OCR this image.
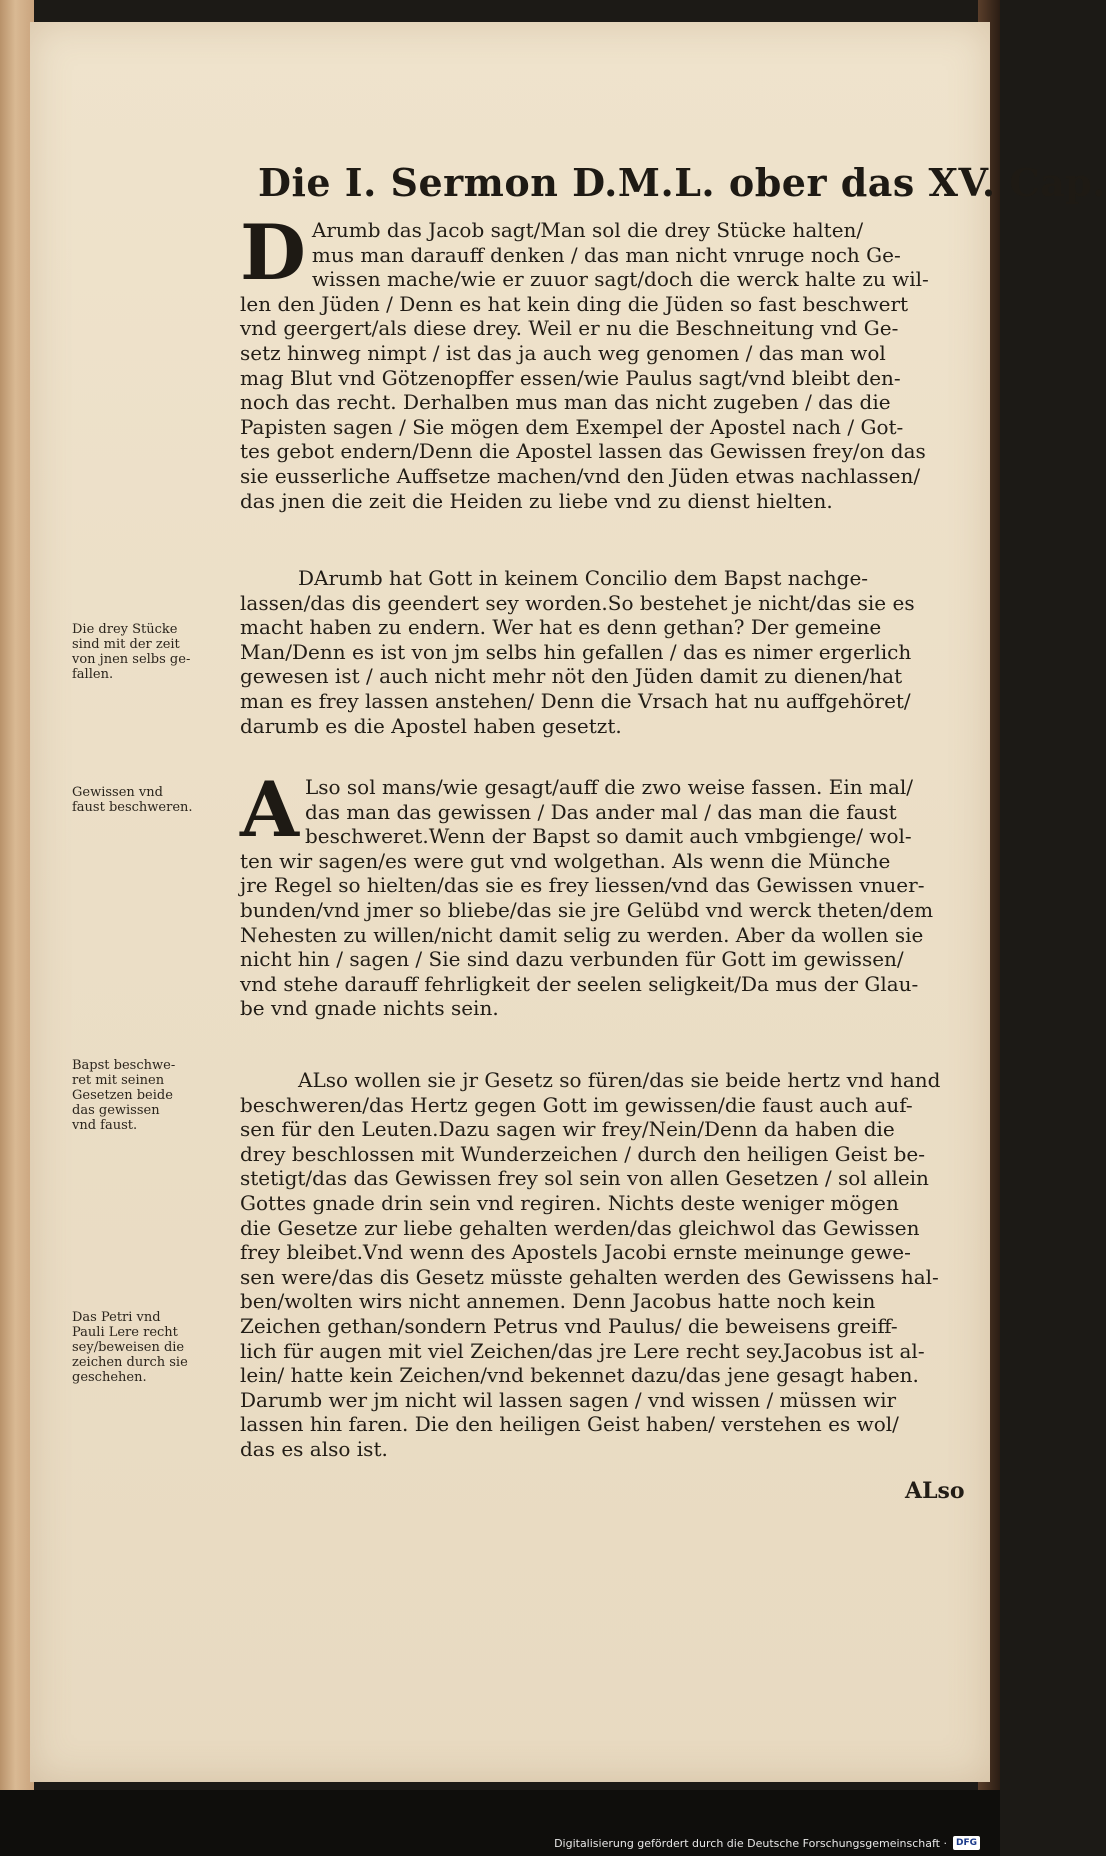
Die I. Sermon D.M.L. ober das XV. Cap.
D Arumb das Jacob sagt/Man sol die drey Stücke halten/
mus man darauff denken / das man nicht vnruge noch Ge-
wissen mache/wie er zuuor sagt/doch die werck halte zu wil-
len den Jüden / Denn es hat kein ding die Jüden so fast beschwert
vnd geergert/als diese drey. Weil er nu die Beschneitung vnd Ge-
setz hinweg nimpt / ist das ja auch weg genomen / das man wol
mag Blut vnd Götzenopffer essen/wie Paulus sagt/vnd bleibt den-
noch das recht. Derhalben mus man das nicht zugeben / das die
Papisten sagen / Sie mögen dem Exempel der Apostel nach / Got-
tes gebot endern/Denn die Apostel lassen das Gewissen frey/on das
sie eusserliche Auffsetze machen/vnd den Jüden etwas nachlassen/
das jnen die zeit die Heiden zu liebe vnd zu dienst hielten.
DArumb hat Gott in keinem Concilio dem Bapst nachge-
lassen/das dis geendert sey worden.So bestehet je nicht/das sie es
macht haben zu endern. Wer hat es denn gethan? Der gemeine
Man/Denn es ist von jm selbs hin gefallen / das es nimer ergerlich
gewesen ist / auch nicht mehr nöt den Jüden damit zu dienen/hat
man es frey lassen anstehen/ Denn die Vrsach hat nu auffgehöret/
darumb es die Apostel haben gesetzt.
A Lso sol mans/wie gesagt/auff die zwo weise fassen. Ein mal/
das man das gewissen / Das ander mal / das man die faust
beschweret.Wenn der Bapst so damit auch vmbgienge/ wol-
ten wir sagen/es were gut vnd wolgethan. Als wenn die Münche
jre Regel so hielten/das sie es frey liessen/vnd das Gewissen vnuer-
bunden/vnd jmer so bliebe/das sie jre Gelübd vnd werck theten/dem
Nehesten zu willen/nicht damit selig zu werden. Aber da wollen sie
nicht hin / sagen / Sie sind dazu verbunden für Gott im gewissen/
vnd stehe darauff fehrligkeit der seelen seligkeit/Da mus der Glau-
be vnd gnade nichts sein.
ALso wollen sie jr Gesetz so füren/das sie beide hertz vnd hand
beschweren/das Hertz gegen Gott im gewissen/die faust auch auf-
sen für den Leuten.Dazu sagen wir frey/Nein/Denn da haben die
drey beschlossen mit Wunderzeichen / durch den heiligen Geist be-
stetigt/das das Gewissen frey sol sein von allen Gesetzen / sol allein
Gottes gnade drin sein vnd regiren. Nichts deste weniger mögen
die Gesetze zur liebe gehalten werden/das gleichwol das Gewissen
frey bleibet.Vnd wenn des Apostels Jacobi ernste meinunge gewe-
sen were/das dis Gesetz müsste gehalten werden des Gewissens hal-
ben/wolten wirs nicht annemen. Denn Jacobus hatte noch kein
Zeichen gethan/sondern Petrus vnd Paulus/ die beweisens greiff-
lich für augen mit viel Zeichen/das jre Lere recht sey.Jacobus ist al-
lein/ hatte kein Zeichen/vnd bekennet dazu/das jene gesagt haben.
Darumb wer jm nicht wil lassen sagen / vnd wissen / müssen wir
lassen hin faren. Die den heiligen Geist haben/ verstehen es wol/
das es also ist.
Die drey Stücke
sind mit der zeit
von jnen selbs ge-
fallen.
Gewissen vnd
faust beschweren.
Bapst beschwe-
ret mit seinen
Gesetzen beide
das gewissen
vnd faust.
Das Petri vnd
Pauli Lere recht
sey/beweisen die
zeichen durch sie
geschehen.
ALso
Digitalisierung gefördert durch die Deutsche Forschungsgemeinschaft ·	DFG
